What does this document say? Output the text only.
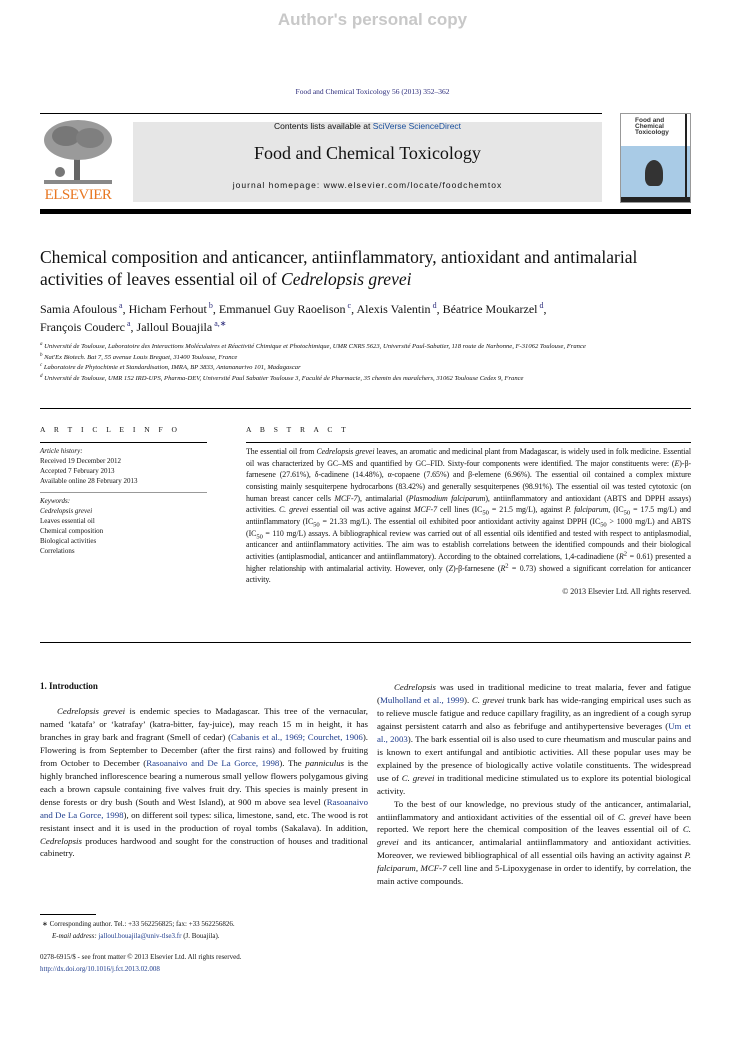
Author's personal copy
Food and Chemical Toxicology 56 (2013) 352–362
ELSEVIER
Contents lists available at SciVerse ScienceDirect
Food and Chemical Toxicology
journal homepage: www.elsevier.com/locate/foodchemtox
Food and Chemical Toxicology
Chemical composition and anticancer, antiinflammatory, antioxidant and antimalarial activities of leaves essential oil of Cedrelopsis grevei
Samia Afoulous $^a$, Hicham Ferhout $^b$, Emmanuel Guy Raoelison $^c$, Alexis Valentin $^d$, Béatrice Moukarzel $^d$,
François Couderc $^a$, Jalloul Bouajila $^{a,∗}$
$^a$ Université de Toulouse, Laboratoire des Interactions Moléculaires et Réactivité Chimique et Photochimique, UMR CNRS 5623, Université Paul-Sabatier, 118 route de Narbonne, F-31062 Toulouse, France
$^b$ Nat'Ex Biotech. Bat 7, 55 avenue Louis Breguet, 31400 Toulouse, France
$^c$ Laboratoire de Phytochimie et Standardisation, IMRA, BP 3833, Antananarivo 101, Madagascar
$^d$ Université de Toulouse, UMR 152 IRD-UPS, Pharma-DEV, Université Paul Sabatier Toulouse 3, Faculté de Pharmacie, 35 chemin des maraîchers, 31062 Toulouse Cedex 9, France
A R T I C L E I N F O
Article history:
Received 19 December 2012
Accepted 7 February 2013
Available online 28 February 2013
Keywords:
Cedrelopsis grevei
Leaves essential oil
Chemical composition
Biological activities
Correlations
A B S T R A C T

The essential oil from Cedrelopsis grevei leaves, an aromatic and medicinal plant from Madagascar, is widely used in folk medicine. Essential oil was characterized by GC–MS and quantified by GC–FID. Sixty-four components were identified. The major constituents were: (E)-β-farnesene (27.61%), δ-cadinene (14.48%), α-copaene (7.65%) and β-elemene (6.96%). The essential oil contained a complex mixture consisting mainly sesquiterpene hydrocarbons (83.42%) and generally sesquiterpenes (98.91%). The essential oil was tested cytotoxic (on human breast cancer cells MCF-7), antimalarial (Plasmodium falciparum), antiinflammatory and antioxidant (ABTS and DPPH assays) activities. C. grevei essential oil was active against MCF-7 cell lines ($IC_{50} = 21.5$ mg/L), against P. falciparum, ($IC_{50} = 17.5$ mg/L) and antiinflammatory ($IC_{50} = 21.33$ mg/L). The essential oil exhibited poor antioxidant activity against DPPH ($IC_{50} > 1000$ mg/L) and ABTS ($IC_{50} = 110$ mg/L) assays. A bibliographical review was carried out of all essential oils identified and tested with respect to antiplasmodial, anticancer and antiinflammatory activities. The aim was to establish correlations between the identified compounds and their biological activities (antiplasmodial, anticancer and antiinflammatory). According to the obtained correlations, 1,4-cadinadiene $(R^2 = 0.61)$ presented a higher relationship with antimalarial activity. However, only (Z)-β-farnesene $(R^2 = 0.73)$ showed a significant correlation for anticancer activity.

© 2013 Elsevier Ltd. All rights reserved.
1. Introduction

Cedrelopsis grevei is endemic species to Madagascar. This tree of the vernacular, named ‘katafa’ or ‘katrafay’ (katra-bitter, fay-juice), may reach 15 m in height, it has branches in gray bark and fragrant (Smell of cedar) (Cabanis et al., 1969; Courchet, 1906). Flowering is from September to December (after the first rains) and followed by fruiting from October to December (Rasoanaivo and De La Gorce, 1998). The panniculus is the highly branched inflorescence bearing a numerous small yellow flowers polygamous giving each a brown capsule containing five valves fruit dry. This species is mainly present in dense forests or dry bush (South and West Island), at 900 m above sea level (Rasoanaivo and De La Gorce, 1998), on different soil types: silica, limestone, sand, etc. The wood is rot resistant insect and it is used in the production of royal tombs (Sakalava). In addition, Cedrelopsis produces hardwood and sought for the construction of houses and traditional cabinetry.

Cedrelopsis was used in traditional medicine to treat malaria, fever and fatigue (Mulholland et al., 1999). C. grevei trunk bark has wide-ranging empirical uses such as to relieve muscle fatigue and reduce capillary fragility, as an ingredient of a cough syrup against persistent catarrh and also as febrifuge and antihypertensive beverages (Um et al., 2003). The bark essential oil is also used to cure rheumatism and muscular pains and is known to exert antifungal and antibiotic activities. All these popular uses may be explained by the presence of biologically active volatile constituents. The widespread use of C. grevei in traditional medicine stimulated us to explore its potential biological activity.

To the best of our knowledge, no previous study of the anticancer, antimalarial, antiinflammatory and antioxidant activities of the essential oil of C. grevei have been reported. We report here the chemical composition of the leaves essential oil of C. grevei and its anticancer, antimalarial antiinflammatory and antioxidant activities. Moreover, we reviewed bibliographical of all essential oils having an activity against P. falciparum, MCF-7 cell line and 5-Lipoxygenase in order to identify, by correlation, the main active compounds.

∗ Corresponding author. Tel.: +33 562256825; fax: +33 562256826.
E-mail address: jalloul.bouajila@univ-tlse3.fr (J. Bouajila).
0278-6915/$ - see front matter © 2013 Elsevier Ltd. All rights reserved.
http://dx.doi.org/10.1016/j.fct.2013.02.008
